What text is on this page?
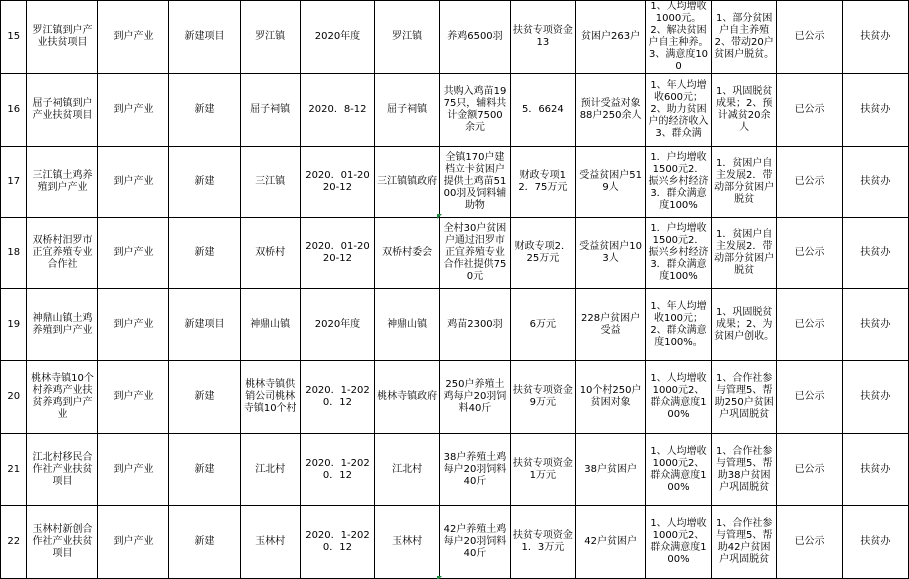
15	罗江镇到户产业扶贫项目	到户产业	新建项目	罗江镇	2020年度	罗江镇	养鸡6500羽	扶贫专项资金13	贫困户263户	1、人均增收1000元。2、解决贫困户自主种养。3、满意度100	1、部分贫困户自主养殖2、带动20户贫困户脱贫。	已公示	扶贫办
16	屈子祠镇到户产业扶贫项目	到户产业	新建	屈子祠镇	2020．8-12	屈子祠镇	共购入鸡苗1975只，辅料共计金额7500余元	5．6624	预计受益对象88户250余人	1、年人均增收600元；2、助力贫困户的经济收入3、群众满	1、巩固脱贫成果；2、预计减贫20余人	已公示	扶贫办
17	三江镇土鸡养殖到户产业	到户产业	新建	三江镇	2020．01-2020-12	三江镇镇政府	全镇170户建档立卡贫困户提供土鸡苗5100羽及饲料辅助物	财政专项12．75万元	受益贫困户519人	1．户均增收1500元2．振兴乡村经济3．群众满意度100%	1．贫困户自主发展2．带动部分贫困户脱贫	已公示	扶贫办
18	双桥村汨罗市正宜养殖专业合作社	到户产业	新建	双桥村	2020．01-2020-12	双桥村委会	全村30户贫困户通过汨罗市正宜养殖专业合作社提供750元	财政专项2．25万元	受益贫困户103人	1．户均增收1500元2．振兴乡村经济3．群众满意度100%	1．贫困户自主发展2．带动部分贫困户脱贫	已公示	扶贫办
19	神鼎山镇土鸡养殖到户产业	到户产业	新建项目	神鼎山镇	2020年度	神鼎山镇	鸡苗2300羽	6万元	228户贫困户受益	1、年人均增收100元；2、群众满意度100%。	1、巩固脱贫成果；2、为贫困户创收。	已公示	扶贫办
20	桃林寺镇10个村养鸡产业扶贫养鸡到户产业	到户产业	新建	桃林寺镇供销公司桃林寺镇10个村	2020．1-2020．12	桃林寺镇政府	250户养殖土鸡每户20羽饲料40斤	扶贫专项资金9万元	10个村250户贫困对象	1、人均增收1000元2、群众满意度100%	1、合作社参与管理5、帮助250户贫困户巩固脱贫	已公示	扶贫办
21	江北村移民合作社产业扶贫项目	到户产业	新建	江北村	2020．1-2020．12	江北村	38户养殖土鸡每户20羽饲料40斤	扶贫专项资金1万元	38户贫困户	1、人均增收1000元2、群众满意度100%	1、合作社参与管理5、帮助38户贫困户巩固脱贫	已公示	扶贫办
22	玉林村新创合作社产业扶贫项目	到户产业	新建	玉林村	2020．1-2020．12	玉林村	42户养殖土鸡每户20羽饲料40斤	扶贫专项资金1．3万元	42户贫困户	1、人均增收1000元2、群众满意度100%	1、合作社参与管理5、帮助42户贫困户巩固脱贫	已公示	扶贫办
